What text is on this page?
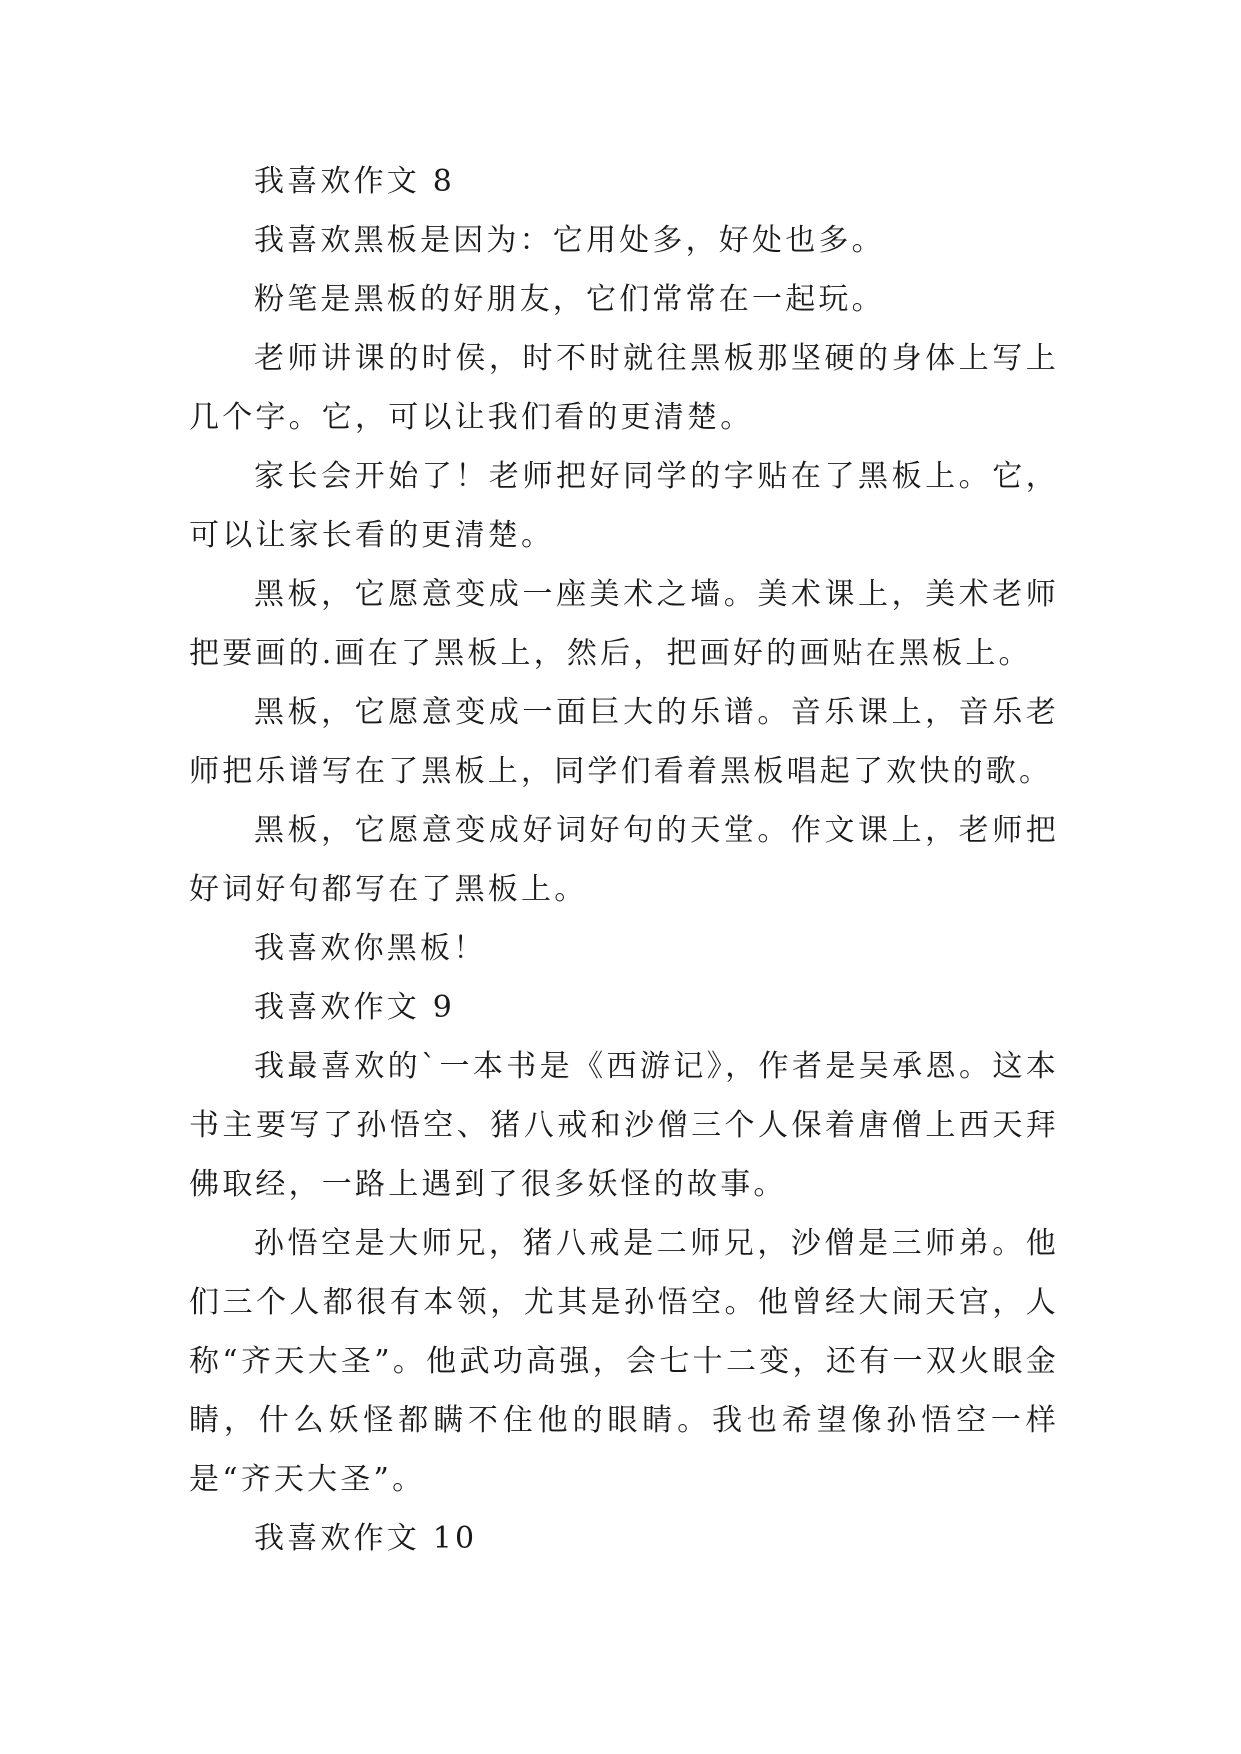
我喜欢作文 8

我喜欢黑板是因为：它用处多，好处也多。

粉笔是黑板的好朋友，它们常常在一起玩。

老师讲课的时侯，时不时就往黑板那坚硬的身体上写上几个字。它，可以让我们看的更清楚。

家长会开始了！老师把好同学的字贴在了黑板上。它，可以让家长看的更清楚。

黑板，它愿意变成一座美术之墙。美术课上，美术老师把要画的.画在了黑板上，然后，把画好的画贴在黑板上。

黑板，它愿意变成一面巨大的乐谱。音乐课上，音乐老师把乐谱写在了黑板上，同学们看着黑板唱起了欢快的歌。

黑板，它愿意变成好词好句的天堂。作文课上，老师把好词好句都写在了黑板上。

我喜欢你黑板！

我喜欢作文 9

我最喜欢的`一本书是《西游记》，作者是吴承恩。这本书主要写了孙悟空、猪八戒和沙僧三个人保着唐僧上西天拜佛取经，一路上遇到了很多妖怪的故事。

孙悟空是大师兄，猪八戒是二师兄，沙僧是三师弟。他们三个人都很有本领，尤其是孙悟空。他曾经大闹天宫，人称“齐天大圣”。他武功高强，会七十二变，还有一双火眼金睛，什么妖怪都瞒不住他的眼睛。我也希望像孙悟空一样是“齐天大圣”。

我喜欢作文 10
